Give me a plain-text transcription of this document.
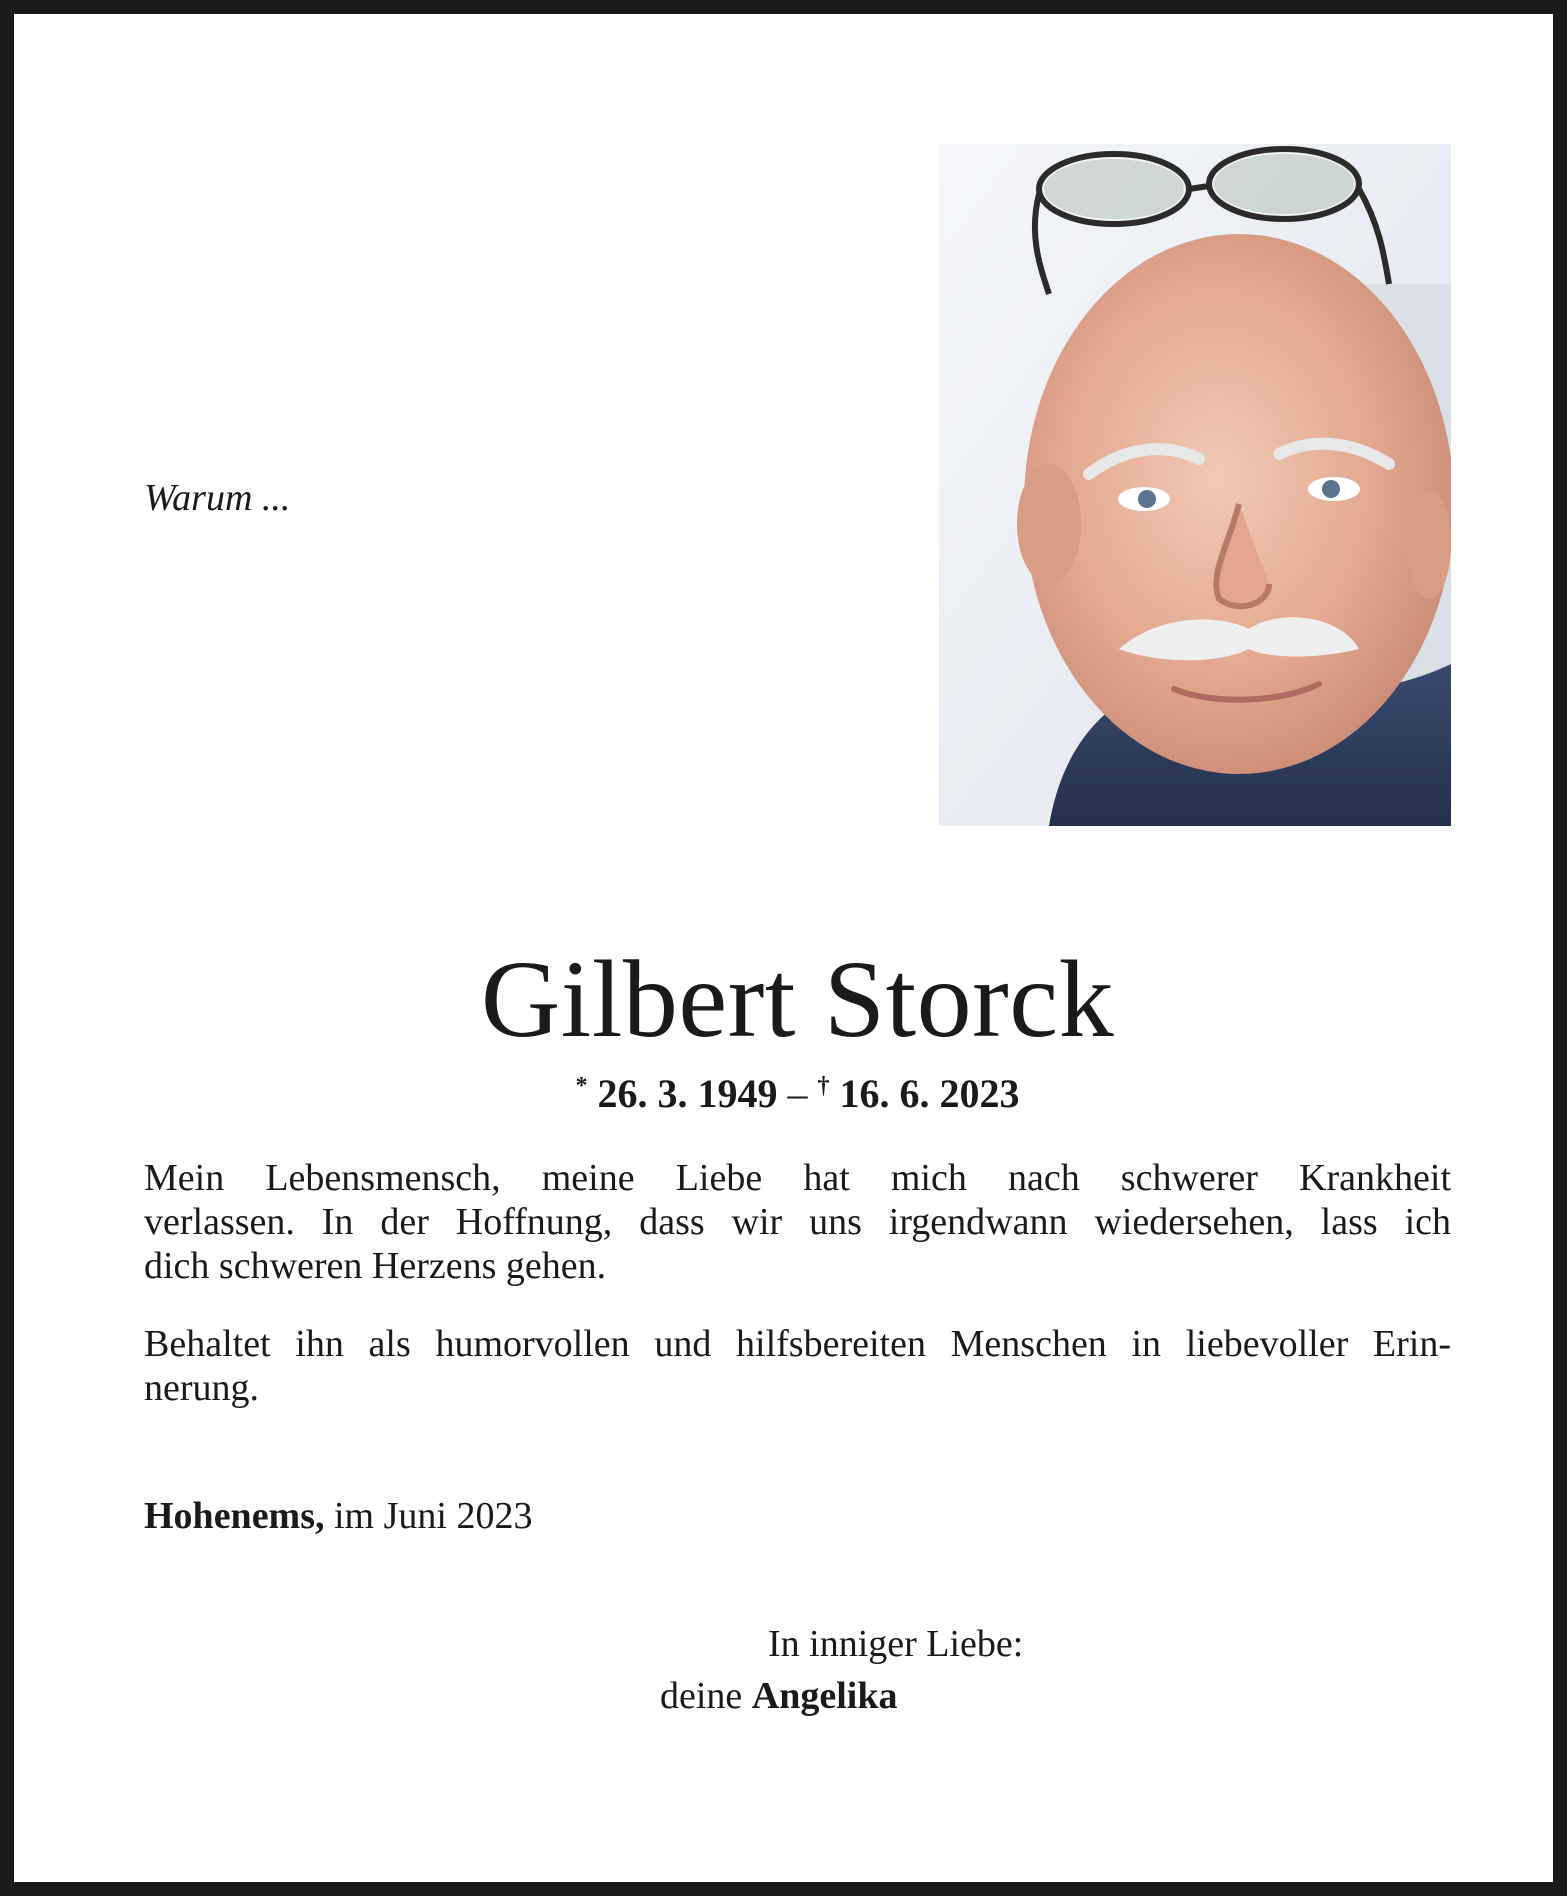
Warum ...
Gilbert Storck
* 26. 3. 1949 – † 16. 6. 2023
Mein Lebensmensch, meine Liebe hat mich nach schwerer Krankheit
verlassen. In der Hoffnung, dass wir uns irgendwann wiedersehen, lass ich
dich schweren Herzens gehen.
Behaltet ihn als humorvollen und hilfsbereiten Menschen in liebevoller Erin-
nerung.
Hohenems, im Juni 2023
In inniger Liebe:
deine Angelika
